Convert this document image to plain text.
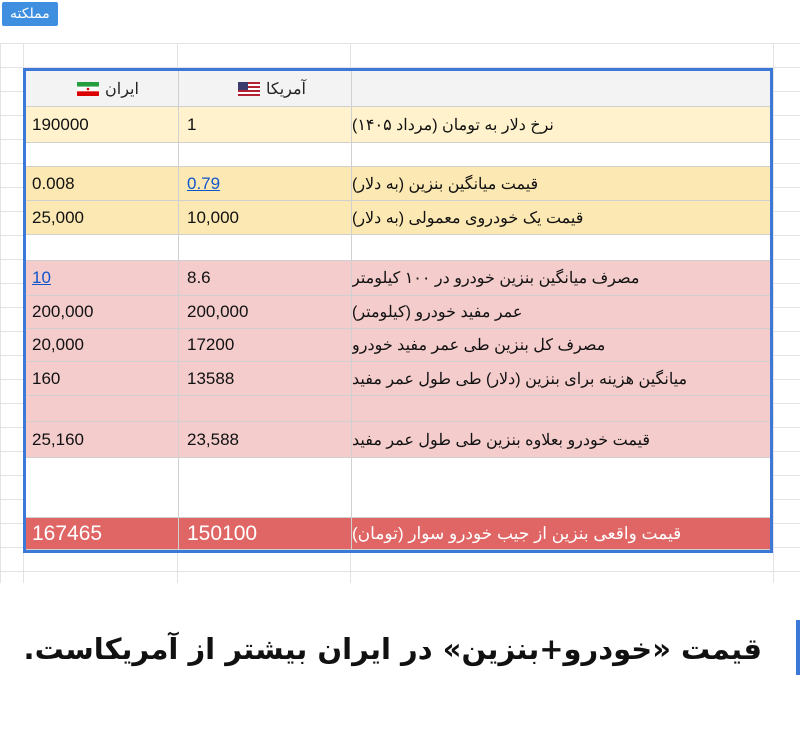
مملکته
ایران	آمریکا
190000	1	نرخ دلار به تومان (مرداد ۱۴۰۵)
0.008	0.79	قیمت میانگین بنزین (به دلار)
25,000	10,000	قیمت یک خودروی معمولی (به دلار)
10	8.6	مصرف میانگین بنزین خودرو در ۱۰۰ کیلومتر
200,000	200,000	عمر مفید خودرو (کیلومتر)
20,000	17200	مصرف کل بنزین طی عمر مفید خودرو
160	13588	میانگین هزینه برای بنزین (دلار) طی طول عمر مفید
25,160	23,588	قیمت خودرو بعلاوه بنزین طی طول عمر مفید
167465	150100	قیمت واقعی بنزین از جیب خودرو سوار (تومان)
قیمت «خودرو+بنزین» در ایران بیشتر از آمریکاست.
